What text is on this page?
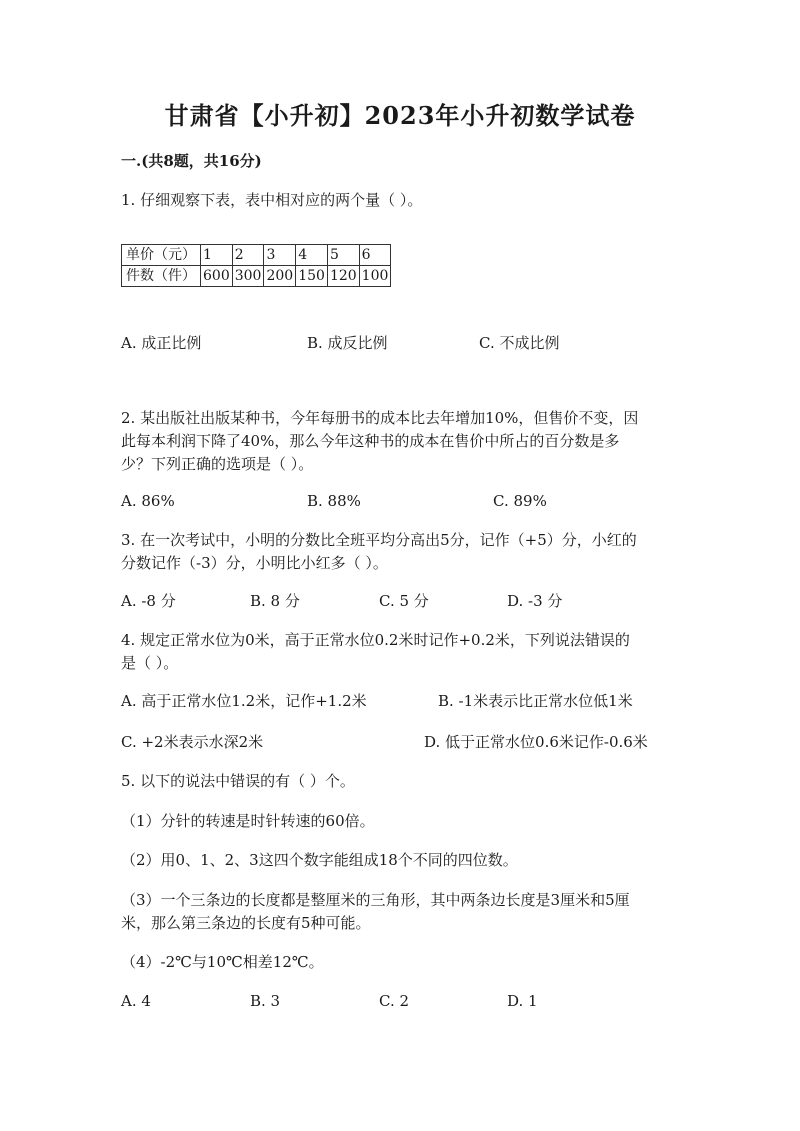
甘肃省【小升初】2023年小升初数学试卷
一.(共8题，共16分)
1. 仔细观察下表，表中相对应的两个量（ ）。
单价（元）	1	2	3	4	5	6
件数（件）	600	300	200	150	120	100
A. 成正比例	B. 成反比例	C. 不成比例
2. 某出版社出版某种书，今年每册书的成本比去年增加10%，但售价不变，因
此每本利润下降了40%，那么今年这种书的成本在售价中所占的百分数是多
少？下列正确的选项是（ ）。
A. 86%	B. 88%	C. 89%
3. 在一次考试中，小明的分数比全班平均分高出5分，记作（+5）分，小红的
分数记作（-3）分，小明比小红多（ ）。
A. -8 分	B. 8 分	C. 5 分	D. -3 分
4. 规定正常水位为0米，高于正常水位0.2米时记作+0.2米，下列说法错误的
是（ ）。
A. 高于正常水位1.2米，记作+1.2米	B. -1米表示比正常水位低1米
C. +2米表示水深2米	D. 低于正常水位0.6米记作-0.6米
5. 以下的说法中错误的有（ ）个。
（1）分针的转速是时针转速的60倍。
（2）用0、1、2、3这四个数字能组成18个不同的四位数。
（3）一个三条边的长度都是整厘米的三角形，其中两条边长度是3厘米和5厘
米，那么第三条边的长度有5种可能。
（4）-2℃与10℃相差12℃。
A. 4	B. 3	C. 2	D. 1
